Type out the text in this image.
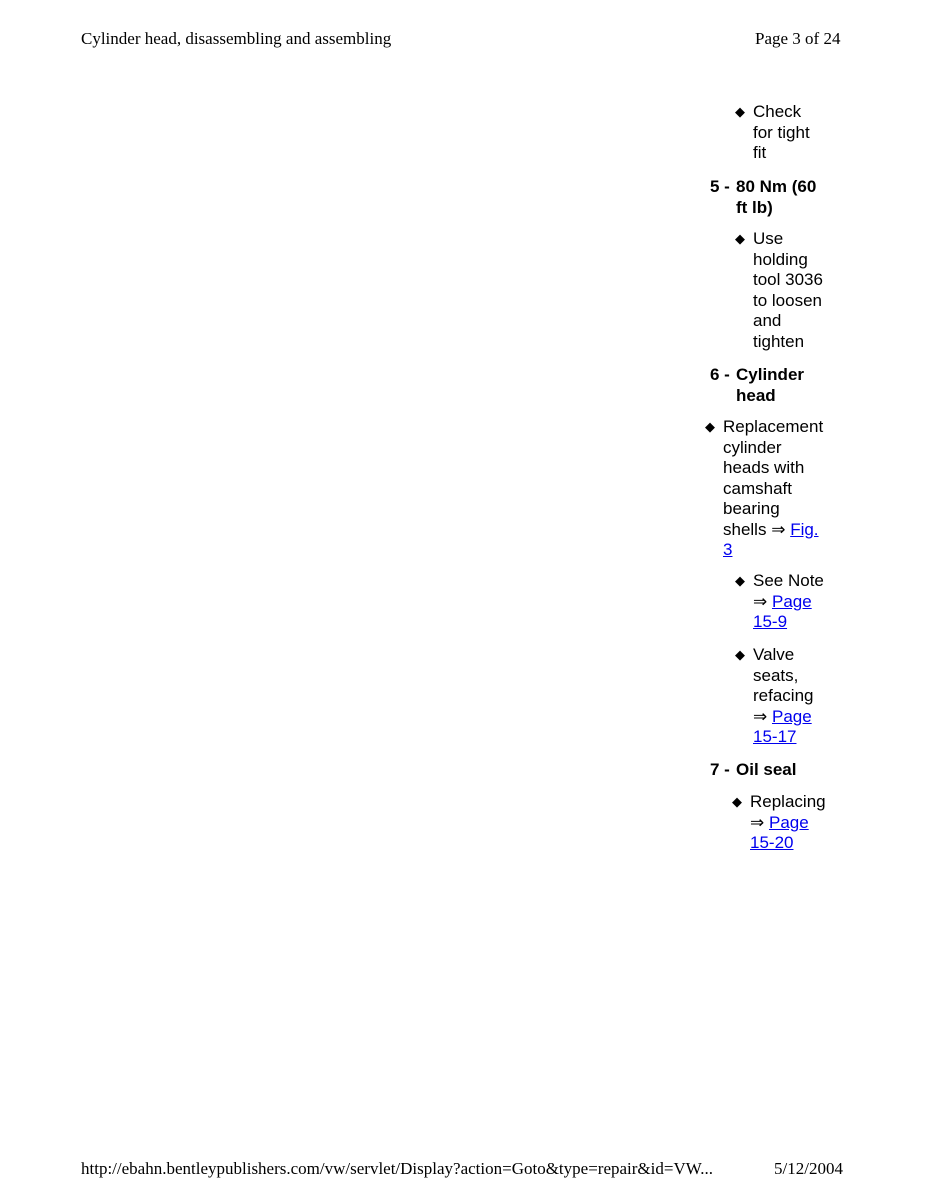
Cylinder head, disassembling and assembling	Page 3 of 24
◆ Check
for tight
fit
5 - 80 Nm (60
ft lb)
◆ Use
holding
tool 3036
to loosen
and
tighten
6 - Cylinder
head
◆ Replacement
cylinder
heads with
camshaft
bearing
shells ⇒ Fig.
3
◆ See Note
⇒ Page
15-9
◆ Valve
seats,
refacing
⇒ Page
15-17
7 - Oil seal
◆ Replacing
⇒ Page
15-20
http://ebahn.bentleypublishers.com/vw/servlet/Display?action=Goto&type=repair&id=VW...	5/12/2004
